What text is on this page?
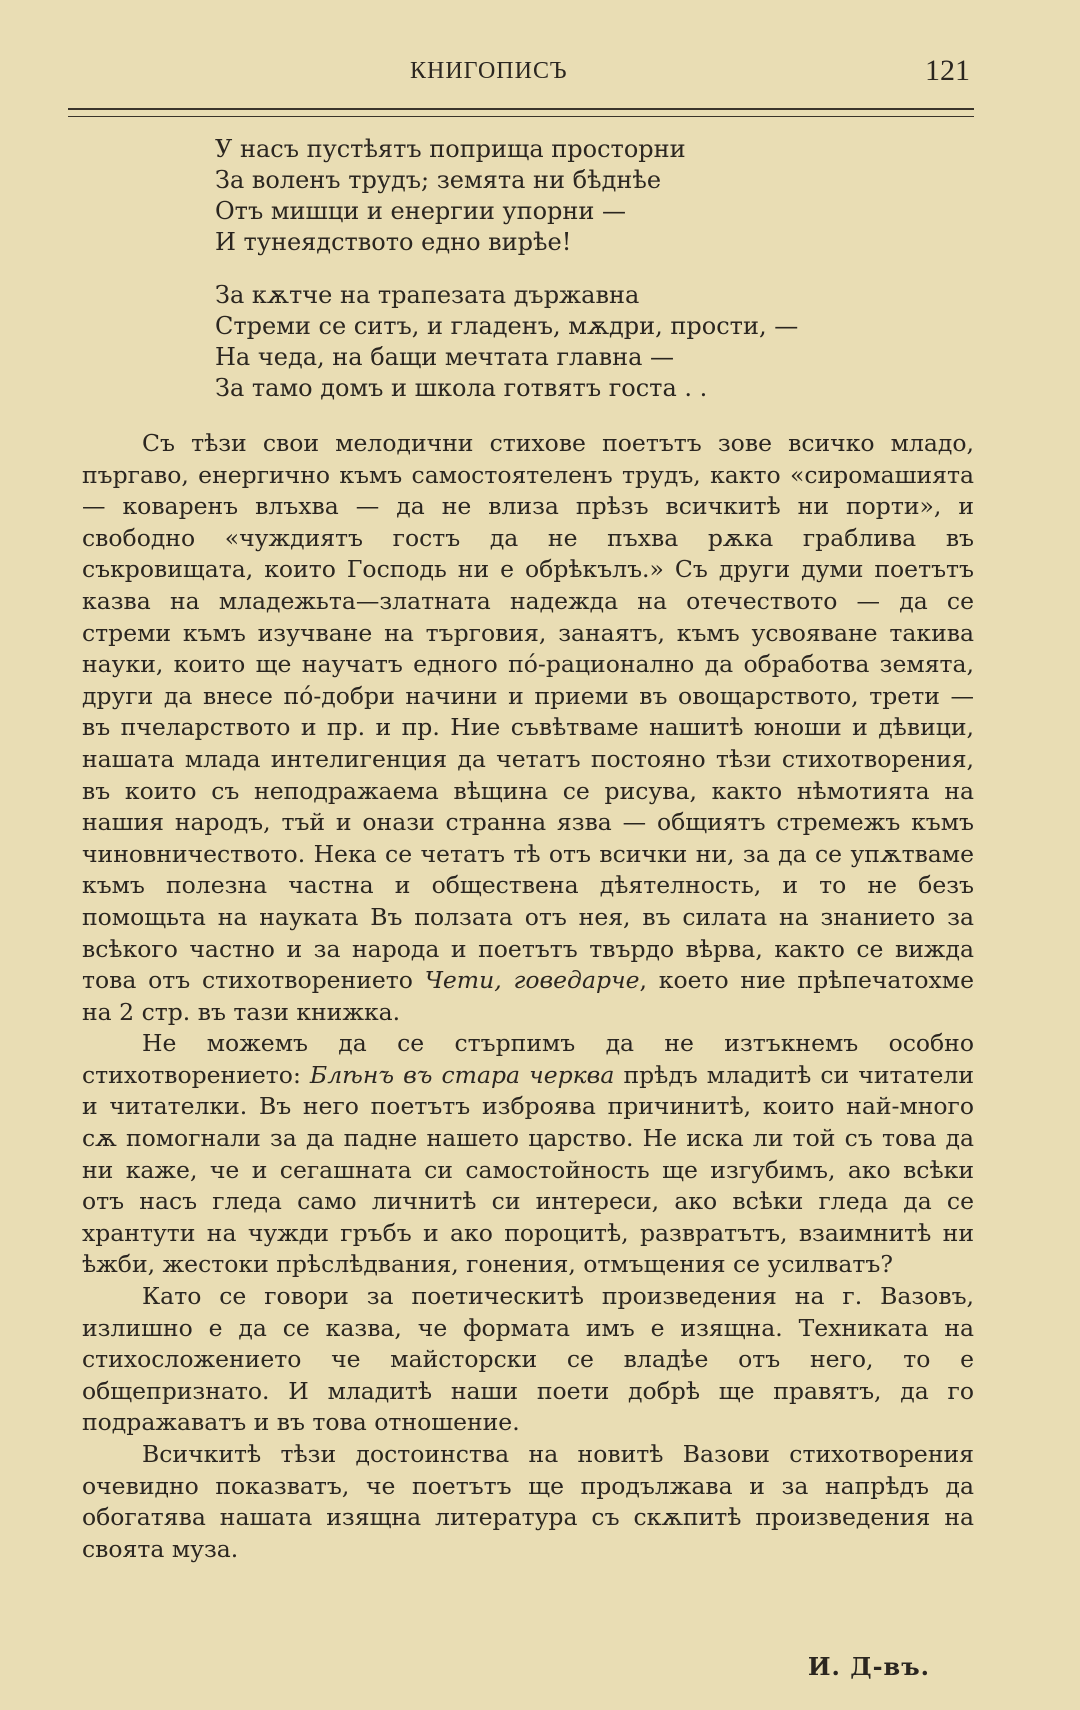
КНИГОПИСЪ	121
У насъ пустѣятъ поприща просторни
За воленъ трудъ; земята ни бѣднѣе
Отъ мишци и енергии упорни —
И тунеядството едно вирѣе!
За кѫтче на трапезата държавна
Стреми се ситъ, и гладенъ, мѫдри, прости, —
На чеда, на бащи мечтата главна —
За тамо домъ и школа готвятъ госта . .

Съ тѣзи свои мелодични стихове поетътъ зове всичко младо, пъргаво, енергично къмъ самостоятеленъ трудъ, както «сиромашията — коваренъ влъхва — да не влиза прѣзъ всичкитѣ ни порти», и свободно «чуждиятъ гостъ да не пъхва рѫка граблива въ съкровищата, които Господь ни е обрѣкълъ.» Съ други думи поетътъ казва на младежьта—златната надежда на отечеството — да се стреми къмъ изучване на търговия, занаятъ, къмъ усвояване такива науки, които ще научатъ едного пó-рационално да обработва земята, други да внесе пó-добри начини и приеми въ овощарството, трети — въ пчеларството и пр. и пр. Ние съвѣтваме нашитѣ юноши и дѣвици, нашата млада интелигенция да четатъ постояно тѣзи стихотворения, въ които съ неподражаема вѣщина се рисува, както нѣмотията на нашия народъ, тъй и онази странна язва — общиятъ стремежъ къмъ чиновничеството. Нека се четатъ тѣ отъ всички ни, за да се упѫтваме къмъ полезна частна и обществена дѣятелность, и то не безъ помощьта на науката Въ ползата отъ нея, въ силата на знанието за всѣкого частно и за народа и поетътъ твърдо вѣрва, както се вижда това отъ стихотворението Чети, говедарче, което ние прѣпечатохме на 2 стр. въ тази книжка.

Не можемъ да се стърпимъ да не изтъкнемъ особно стихотворението: Блѣнъ въ стара черква прѣдъ младитѣ си читатели и читателки. Въ него поетътъ изброява причинитѣ, които най-много сѫ помогнали за да падне нашето царство. Не иска ли той съ това да ни каже, че и сегашната си самостойность ще изгубимъ, ако всѣки отъ насъ гледа само личнитѣ си интереси, ако всѣки гледа да се хрантути на чужди гръбъ и ако пороцитѣ, развратътъ, взаимнитѣ ни ѣжби, жестоки прѣслѣдвания, гонения, отмъщения се усилватъ?

Като се говори за поетическитѣ произведения на г. Вазовъ, излишно е да се казва, че формата имъ е изящна. Техниката на стихосложението че майсторски се владѣе отъ него, то е общепризнато. И младитѣ наши поети добрѣ ще правятъ, да го подражаватъ и въ това отношение.

Всичкитѣ тѣзи достоинства на новитѣ Вазови стихотворения очевидно показватъ, че поетътъ ще продължава и за напрѣдъ да обогатява нашата изящна литература съ скѫпитѣ произведения на своята муза.

И. Д-въ.
